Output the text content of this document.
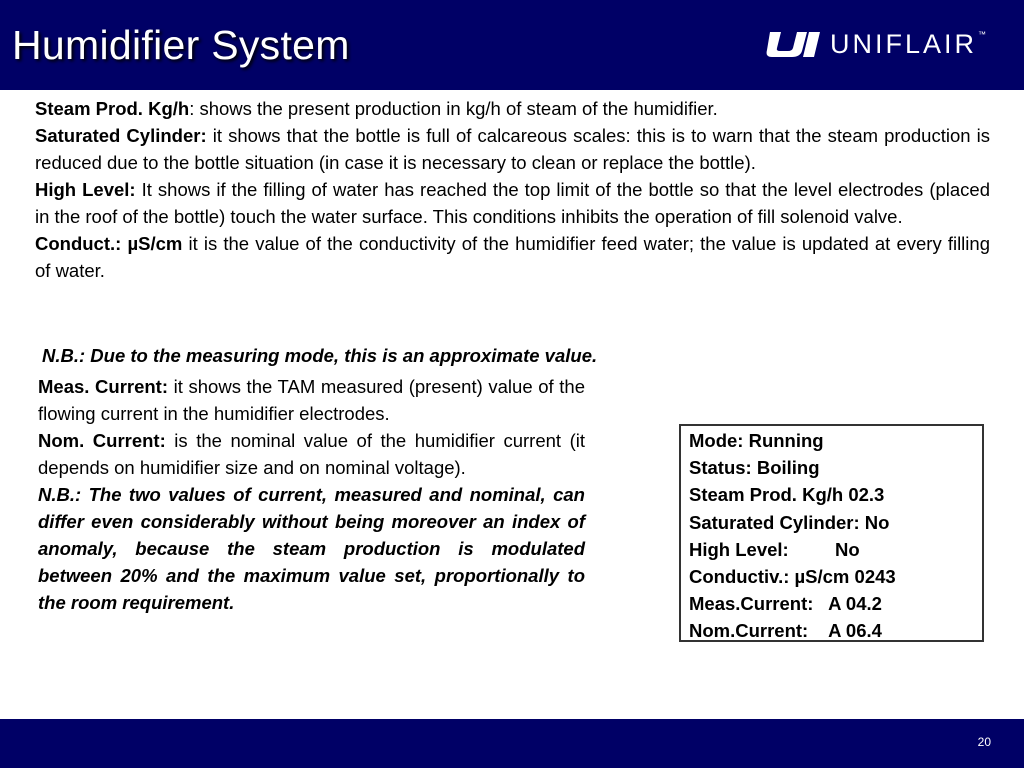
Humidifier System	UNIFLAIR ™

Steam Prod. Kg/h: shows the present production in kg/h of steam of the humidifier.

Saturated Cylinder: it shows that the bottle is full of calcareous scales: this is to warn that the steam production is reduced due to the bottle situation (in case it is necessary to clean or replace the bottle).

High Level: It shows if the filling of water has reached the top limit of the bottle so that the level electrodes (placed in the roof of the bottle) touch the water surface. This conditions inhibits the operation of fill solenoid valve.

Conduct.: µS/cm it is the value of the conductivity of the humidifier feed water; the value is updated at every filling of water.

N.B.: Due to the measuring mode, this is an approximate value.

Meas. Current: it shows the TAM measured (present) value of the flowing current in the humidifier electrodes.

Nom. Current: is the nominal value of the humidifier current (it depends on humidifier size and on nominal voltage).

N.B.: The two values of current, measured and nominal, can differ even considerably without being moreover an index of anomaly, because the steam production is modulated between 20% and the maximum value set, proportionally to the room requirement.

Mode: Running
Status: Boiling
Steam Prod. Kg/h 02.3
Saturated Cylinder: No
High Level:         No
Conductiv.: µS/cm 0243
Meas.Current:   A 04.2
Nom.Current:    A 06.4
20
